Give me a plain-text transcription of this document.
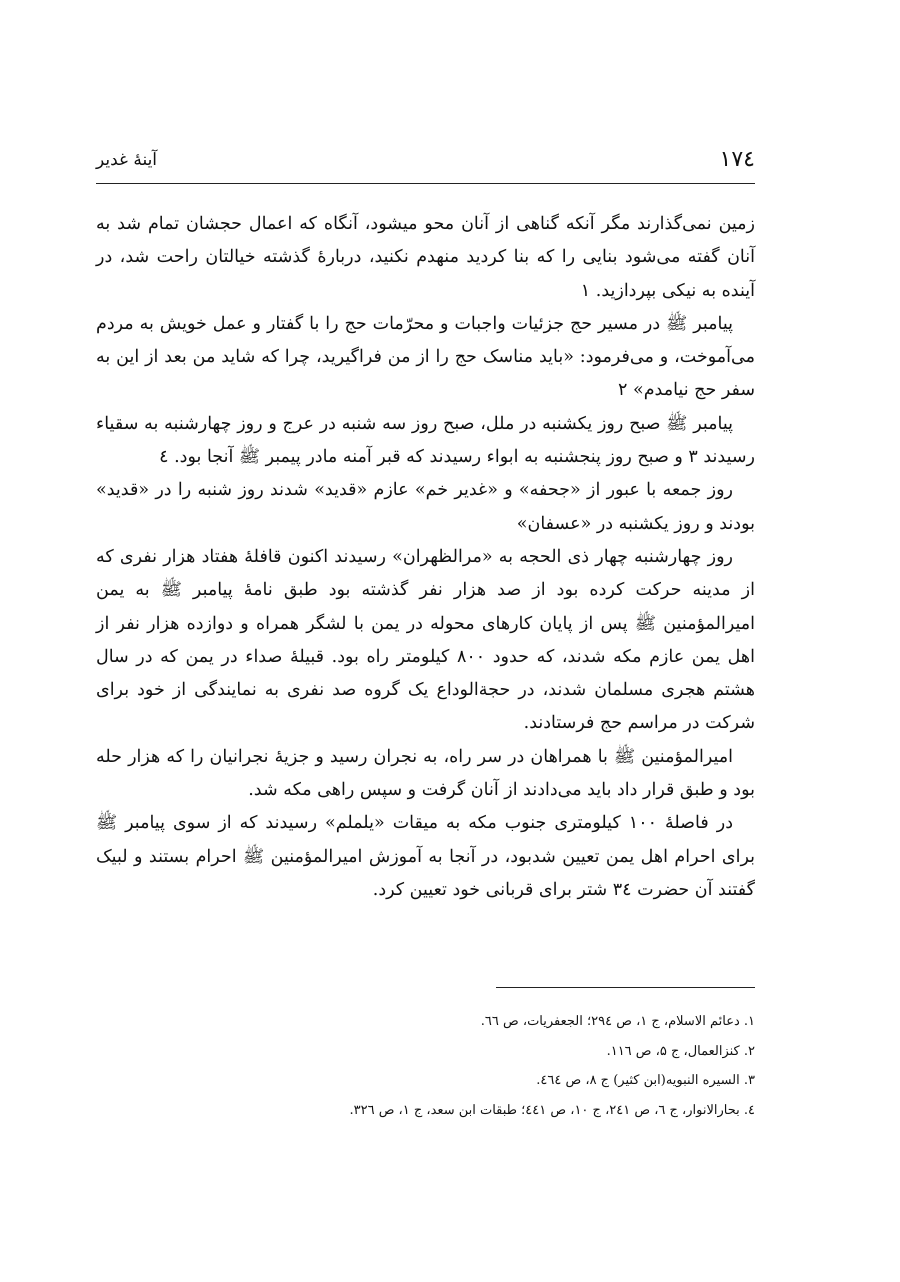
۱۷٤
آینهٔ غدیر

زمین نمی‌گذارند مگر آنکه گناهی از آنان محو میشود، آنگاه که اعمال حجشان تمام شد به آنان گفته می‌شود بنایی را که بنا کردید منهدم نکنید، دربارهٔ گذشته خیالتان راحت شد، در آینده به نیکی بپردازید. ۱

پیامبر ﷺ در مسیر حج جزئیات واجبات و محرّمات حج را با گفتار و عمل خویش به مردم می‌آموخت، و می‌فرمود: «باید مناسک حج را از من فراگیرید، چرا که شاید من بعد از این به سفر حج نیامدم» ۲

پیامبر ﷺ صبح روز یکشنبه در ملل، صبح روز سه شنبه در عرج و روز چهارشنبه به سقیاء رسیدند ۳ و صبح روز پنجشنبه به ابواء رسیدند که قبر آمنه مادر پیمبر ﷺ آنجا بود. ٤

روز جمعه با عبور از «جحفه» و «غدیر خم» عازم «قدید» شدند روز شنبه را در «قدید» بودند و روز یکشنبه در «عسفان»

روز چهارشنبه چهار ذی الحجه به «مرالظهران» رسیدند اکنون قافلهٔ هفتاد هزار نفری که از مدینه حرکت کرده بود از صد هزار نفر گذشته بود طبق نامهٔ پیامبر ﷺ به یمن امیرالمؤمنین ﷺ پس از پایان کارهای محوله در یمن با لشگر همراه و دوازده هزار نفر از اهل یمن عازم مکه شدند، که حدود ۸۰۰ کیلومتر راه بود. قبیلهٔ صداء در یمن که در سال هشتم هجری مسلمان شدند، در حجةالوداع یک گروه صد نفری به نمایندگی از خود برای شرکت در مراسم حج فرستادند.

امیرالمؤمنین ﷺ با همراهان در سر راه، به نجران رسید و جزیهٔ نجرانیان را که هزار حله بود و طبق قرار داد باید می‌دادند از آنان گرفت و سپس راهی مکه شد.

در فاصلهٔ ۱۰۰ کیلومتری جنوب مکه به میقات «یلملم» رسیدند که از سوی پیامبر ﷺ برای احرام اهل یمن تعیین شدبود، در آنجا به آموزش امیرالمؤمنین ﷺ احرام بستند و لبیک گفتند آن حضرت ٣٤ شتر برای قربانی خود تعیین کرد.

۱. دعائم الاسلام، ج ۱، ص ۲۹٤؛ الجعفریات، ص ٦٦.
۲. کنزالعمال، ج ۵، ص ۱۱٦.
۳. السیره النبویه(ابن کثیر) ج ۸، ص ٤٦٤.
٤. بحارالانوار، ج ٦، ص ۲٤۱، ج ۱۰، ص ٤٤۱؛ طبقات ابن سعد، ج ۱، ص ۳۲٦.
